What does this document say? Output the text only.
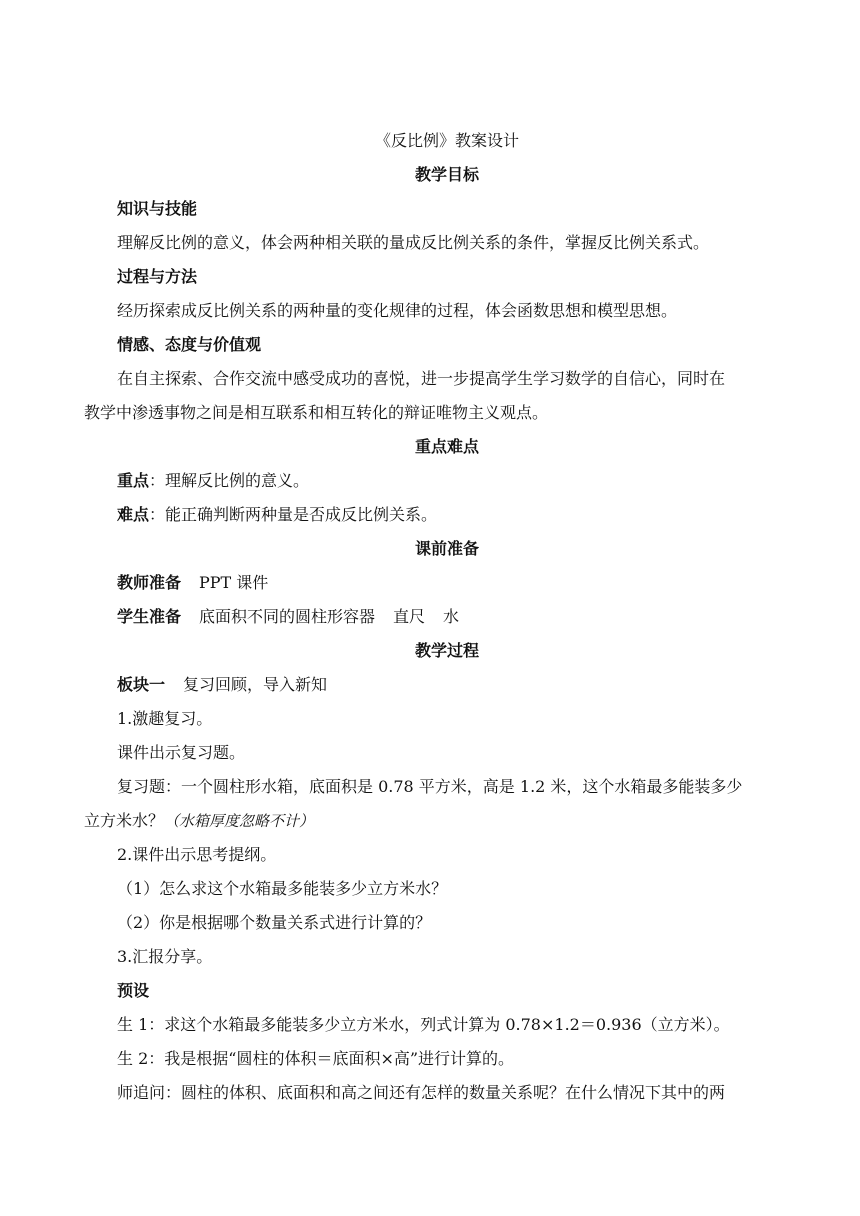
《反比例》教案设计
教学目标
知识与技能
理解反比例的意义，体会两种相关联的量成反比例关系的条件，掌握反比例关系式。
过程与方法
经历探索成反比例关系的两种量的变化规律的过程，体会函数思想和模型思想。
情感、态度与价值观
在自主探索、合作交流中感受成功的喜悦，进一步提高学生学习数学的自信心，同时在
教学中渗透事物之间是相互联系和相互转化的辩证唯物主义观点。
重点难点
重点：理解反比例的意义。
难点：能正确判断两种量是否成反比例关系。
课前准备
教师准备 PPT 课件
学生准备 底面积不同的圆柱形容器 直尺 水
教学过程
板块一 复习回顾，导入新知
1.激趣复习。
课件出示复习题。
复习题：一个圆柱形水箱，底面积是 0.78 平方米，高是 1.2 米，这个水箱最多能装多少
立方米水？（水箱厚度忽略不计）
2.课件出示思考提纲。
（1）怎么求这个水箱最多能装多少立方米水？
（2）你是根据哪个数量关系式进行计算的？
3.汇报分享。
预设
生 1：求这个水箱最多能装多少立方米水，列式计算为 0.78×1.2＝0.936（立方米）。
生 2：我是根据“圆柱的体积＝底面积×高”进行计算的。
师追问：圆柱的体积、底面积和高之间还有怎样的数量关系呢？在什么情况下其中的两
